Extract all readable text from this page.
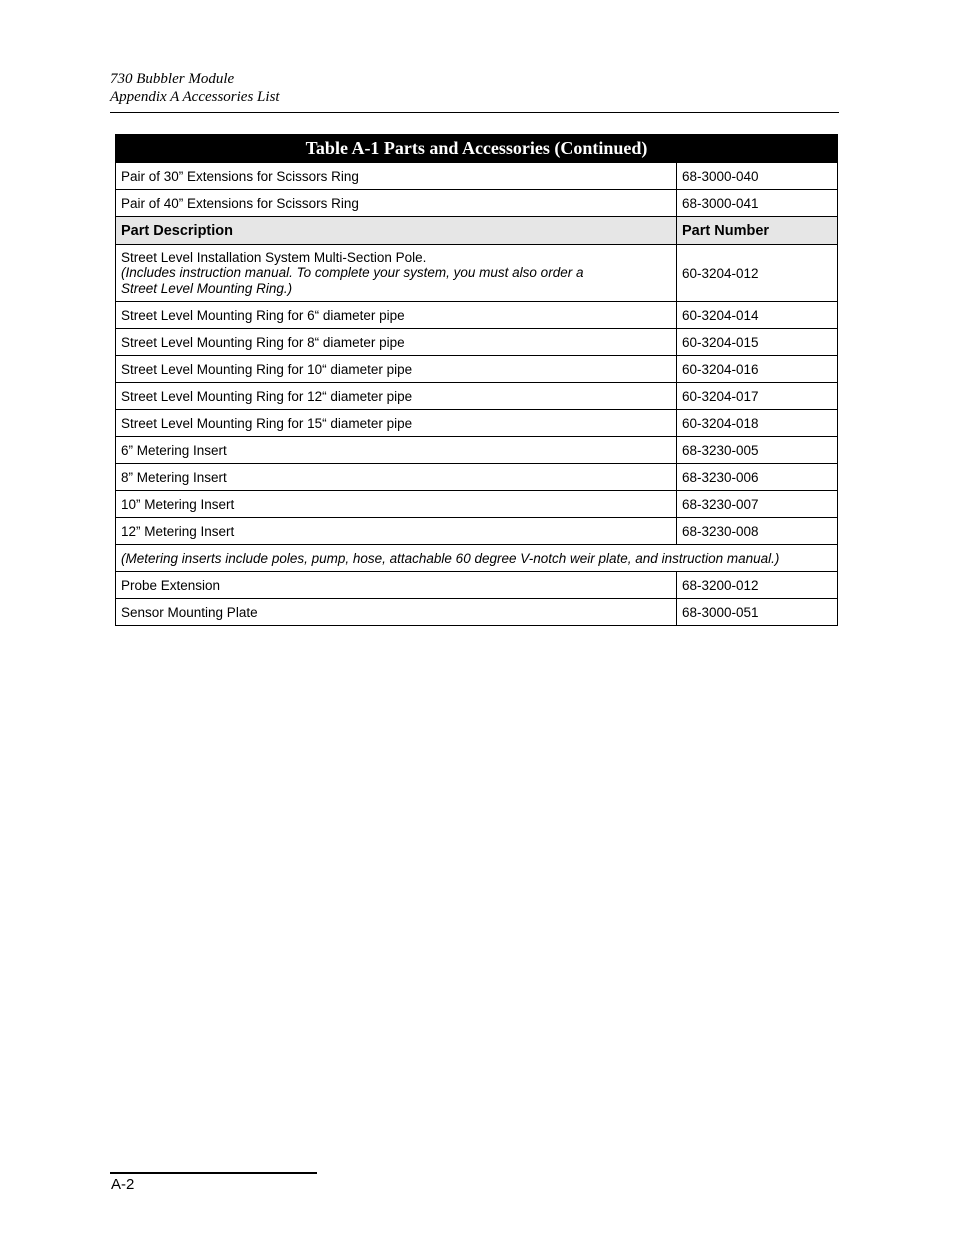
730 Bubbler Module
Appendix A Accessories List
Table A-1 Parts and Accessories (Continued)	
Pair of 30” Extensions for Scissors Ring	68-3000-040
Pair of 40” Extensions for Scissors Ring	68-3000-041
Part Description	Part Number

Street Level Installation System Multi-Section Pole.
(Includes instruction manual. To complete your system, you must also order a
Street Level Mounting Ring.)	60-3204-012
Street Level Mounting Ring for 6“ diameter pipe	60-3204-014
Street Level Mounting Ring for 8“ diameter pipe	60-3204-015
Street Level Mounting Ring for 10“ diameter pipe	60-3204-016
Street Level Mounting Ring for 12“ diameter pipe	60-3204-017
Street Level Mounting Ring for 15“ diameter pipe	60-3204-018
6” Metering Insert	68-3230-005
8” Metering Insert	68-3230-006
10” Metering Insert	68-3230-007
12” Metering Insert	68-3230-008
(Metering inserts include poles, pump, hose, attachable 60 degree V-notch weir plate, and instruction manual.)	
Probe Extension	68-3200-012
Sensor Mounting Plate	68-3000-051
A-2
